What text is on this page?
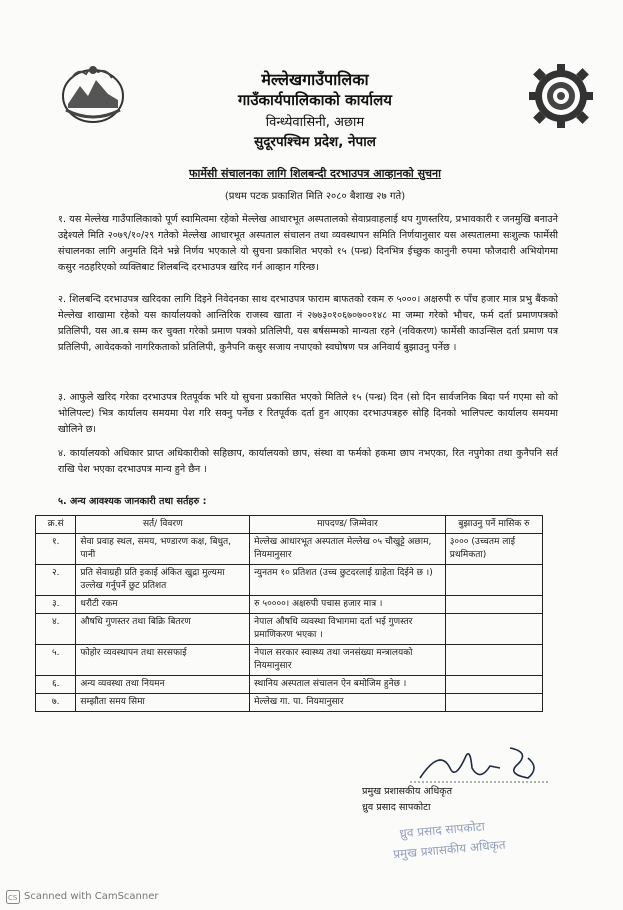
मेल्लेखगाउँपालिका
गाउँकार्यपालिकाको कार्यालय
विन्ध्येवासिनी, अछाम
सुदूरपश्चिम प्रदेश, नेपाल
फार्मेसी संचालनका लागि शिलबन्दी दरभाउपत्र आव्हानको सुचना
(प्रथम पटक प्रकाशित मिति २०८० बैशाख २७ गते)

१. यस मेल्लेख गाउँपालिकाको पूर्ण स्वामित्वमा रहेको मेल्लेख आधारभूत अस्पतालको सेवाप्रवाहलाई थप गुणस्तरिय, प्रभावकारी र जनमुखि बनाउने उद्देश्यले मिति २०७९/१०/२९ गतेको मेल्लेख आधारभूत अस्पताल संचालन तथा व्यवस्थापन समिति निर्णयानुसार यस अस्पतालमा सःशुल्क फार्मेसी संचालनका लागि अनुमति दिने भन्ने निर्णय भएकाले यो सुचना प्रकाशित भएको १५ (पन्ध्र) दिनभित्र ईच्छुक कानुनी रुपमा फौजदारी अभियोगमा कसुर नठहरिएको व्यक्तिबाट शिलबन्दि दरभाउपत्र खरिद गर्न आव्हान गरिन्छ।

२. शिलबन्दि दरभाउपत्र खरिदका लागि दिइने निवेदनका साथ दरभाउपत्र फाराम बाफतको रकम रु ५०००। अक्षरुपी रु पाँच हजार मात्र प्रभु बैंकको मेल्लेख शाखामा रहेको यस कार्यालयको आन्तिरिक राजस्व खाता नं २७७३०१०६७०७००१४८ मा जम्मा गरेको भौचर, फर्म दर्ता प्रमाणपत्रको प्रतिलिपी, यस आ.ब सम्म कर चुक्ता गरेको प्रमाण पत्रको प्रतिलिपी, यस बर्षसम्मको मान्यता रहने (नविकरण) फार्मेसी काउन्सिल दर्ता प्रमाण पत्र प्रतिलिपी, आवेदकको नागरिकताको प्रतिलिपी, कुनैपनि कसुर सजाय नपाएको स्वघोषण पत्र अनिवार्य बुझाउनु पर्नेछ ।

३. आफुले खरिद गरेका दरभाउपत्र रितपूर्वक भरि यो सुचना प्रकासित भएको मितिले १५ (पन्ध्र) दिन (सो दिन सार्वजनिक बिदा पर्न गएमा सो को भोलिपल्ट) भित्र कार्यालय समयमा पेश गरि सक्नु पर्नेछ र रितपूर्वक दर्ता हुन आएका दरभाउपत्रहरु सोहि दिनको भालिपल्ट कार्यालय समयमा खोलिने छ।

४. कार्यालयको अधिकार प्राप्त अधिकारीको सहिछाप, कार्यालयको छाप, संस्था वा फर्मको हकमा छाप नभएका, रित नपुगेका तथा कुनैपनि सर्त राखि पेश भएका दरभाउपत्र मान्य हुने छैन ।

५. अन्य आवश्यक जानकारी तथा सर्तहरु :
क्र.सं	सर्त/ विवरण	मापदण्ड/ जिम्मेवार	बुझाउनु पर्ने मासिक रु
१.	सेवा प्रवाह स्थल, समय, भण्डारण कक्ष, बिधुत, पानी	मेल्लेख आधारभूत अस्पताल मेल्लेख ०५ चौखुट्टे अछाम, नियमानुसार	३००० (उच्चतम लाई प्रथमिकता)
२.	प्रति सेवाग्रही प्रति इकाई अंकित खुद्रा मुल्यमा उल्लेख गर्नुपर्ने छुट प्रतिशत	न्युनतम १० प्रतिशत (उच्च छुटदरलाई ग्राहेता दिईने छ ।)	
३.	धरौटी रकम	रु ५००००। अक्षरुपी पचास हजार मात्र ।	
४.	औषधि गुणस्तर तथा बिक्रि बितरण	नेपाल औषधि व्यवस्था विभागमा दर्ता भई गुणस्तर प्रमाणिकरण भएका ।	
५.	फोहोर व्यवस्थापन तथा सरसफाई	नेपाल सरकार स्वास्थ्य तथा जनसंख्या मन्त्रालयको नियमानुसार	
६.	अन्य व्यवस्था तथा नियमन	स्थानिय अस्पताल संचालन ऐन बमोजिम हुनेछ ।	
७.	सम्झौता समय सिमा	मेल्लेख गा. पा. नियमानुसार	
प्रमुख प्रशासकीय अधिकृत
ध्रुव प्रसाद सापकोटा
ध्रुव प्रसाद सापकोटा
प्रमुख प्रशासकीय अधिकृत
CS Scanned with CamScanner
